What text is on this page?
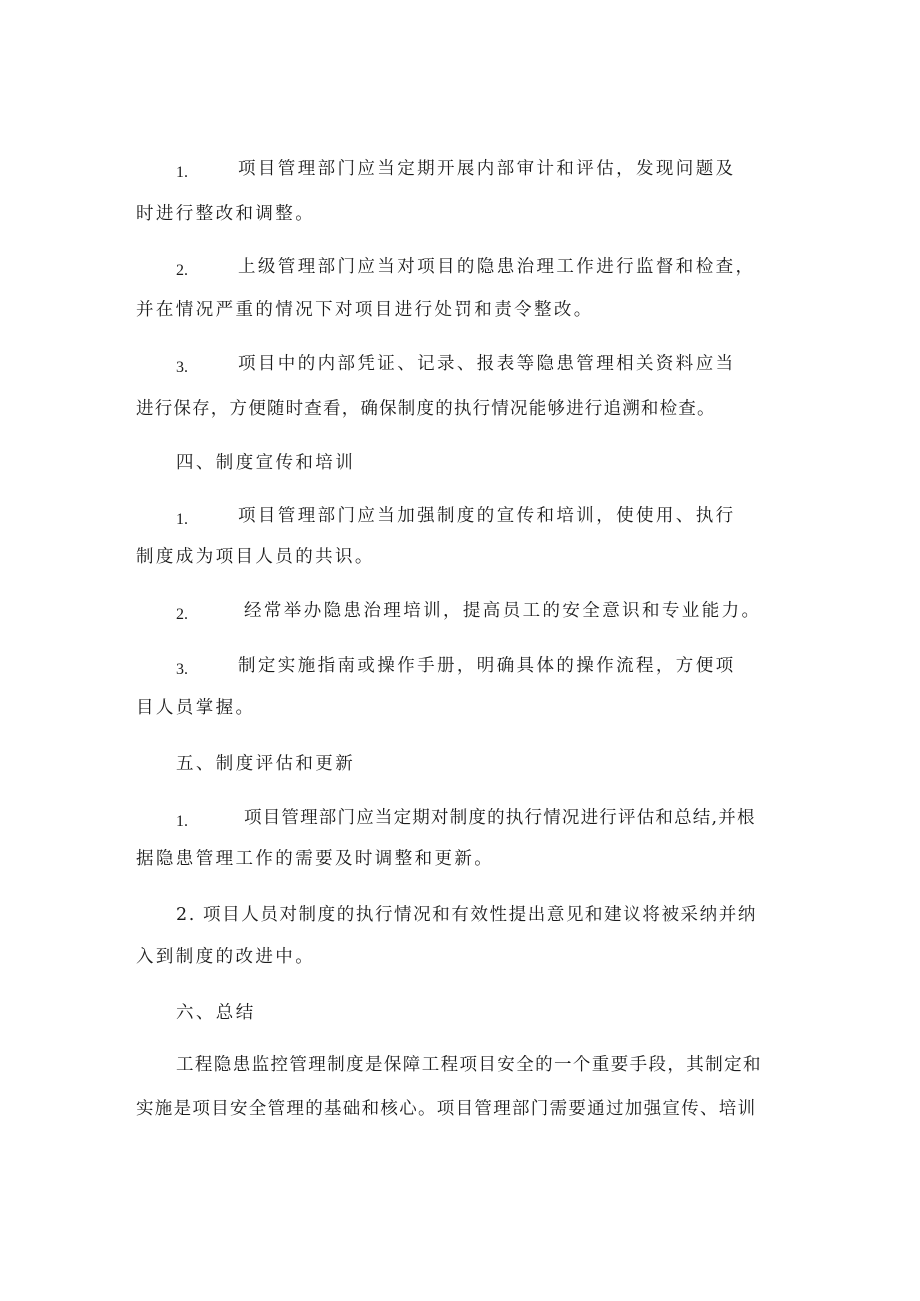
1.	项目管理部门应当定期开展内部审计和评估，发现问题及
时进行整改和调整。
2.	上级管理部门应当对项目的隐患治理工作进行监督和检查，
并在情况严重的情况下对项目进行处罚和责令整改。
3.	项目中的内部凭证、记录、报表等隐患管理相关资料应当
进行保存，方便随时查看，确保制度的执行情况能够进行追溯和检查。
四、制度宣传和培训
1.	项目管理部门应当加强制度的宣传和培训，使使用、执行
制度成为项目人员的共识。
2.	经常举办隐患治理培训，提高员工的安全意识和专业能力。
3.	制定实施指南或操作手册，明确具体的操作流程，方便项
目人员掌握。
五、制度评估和更新
1.	项目管理部门应当定期对制度的执行情况进行评估和总结,并根
据隐患管理工作的需要及时调整和更新。
2. 项目人员对制度的执行情况和有效性提出意见和建议将被采纳并纳
入到制度的改进中。
六、总结
工程隐患监控管理制度是保障工程项目安全的一个重要手段，其制定和
实施是项目安全管理的基础和核心。项目管理部门需要通过加强宣传、培训
